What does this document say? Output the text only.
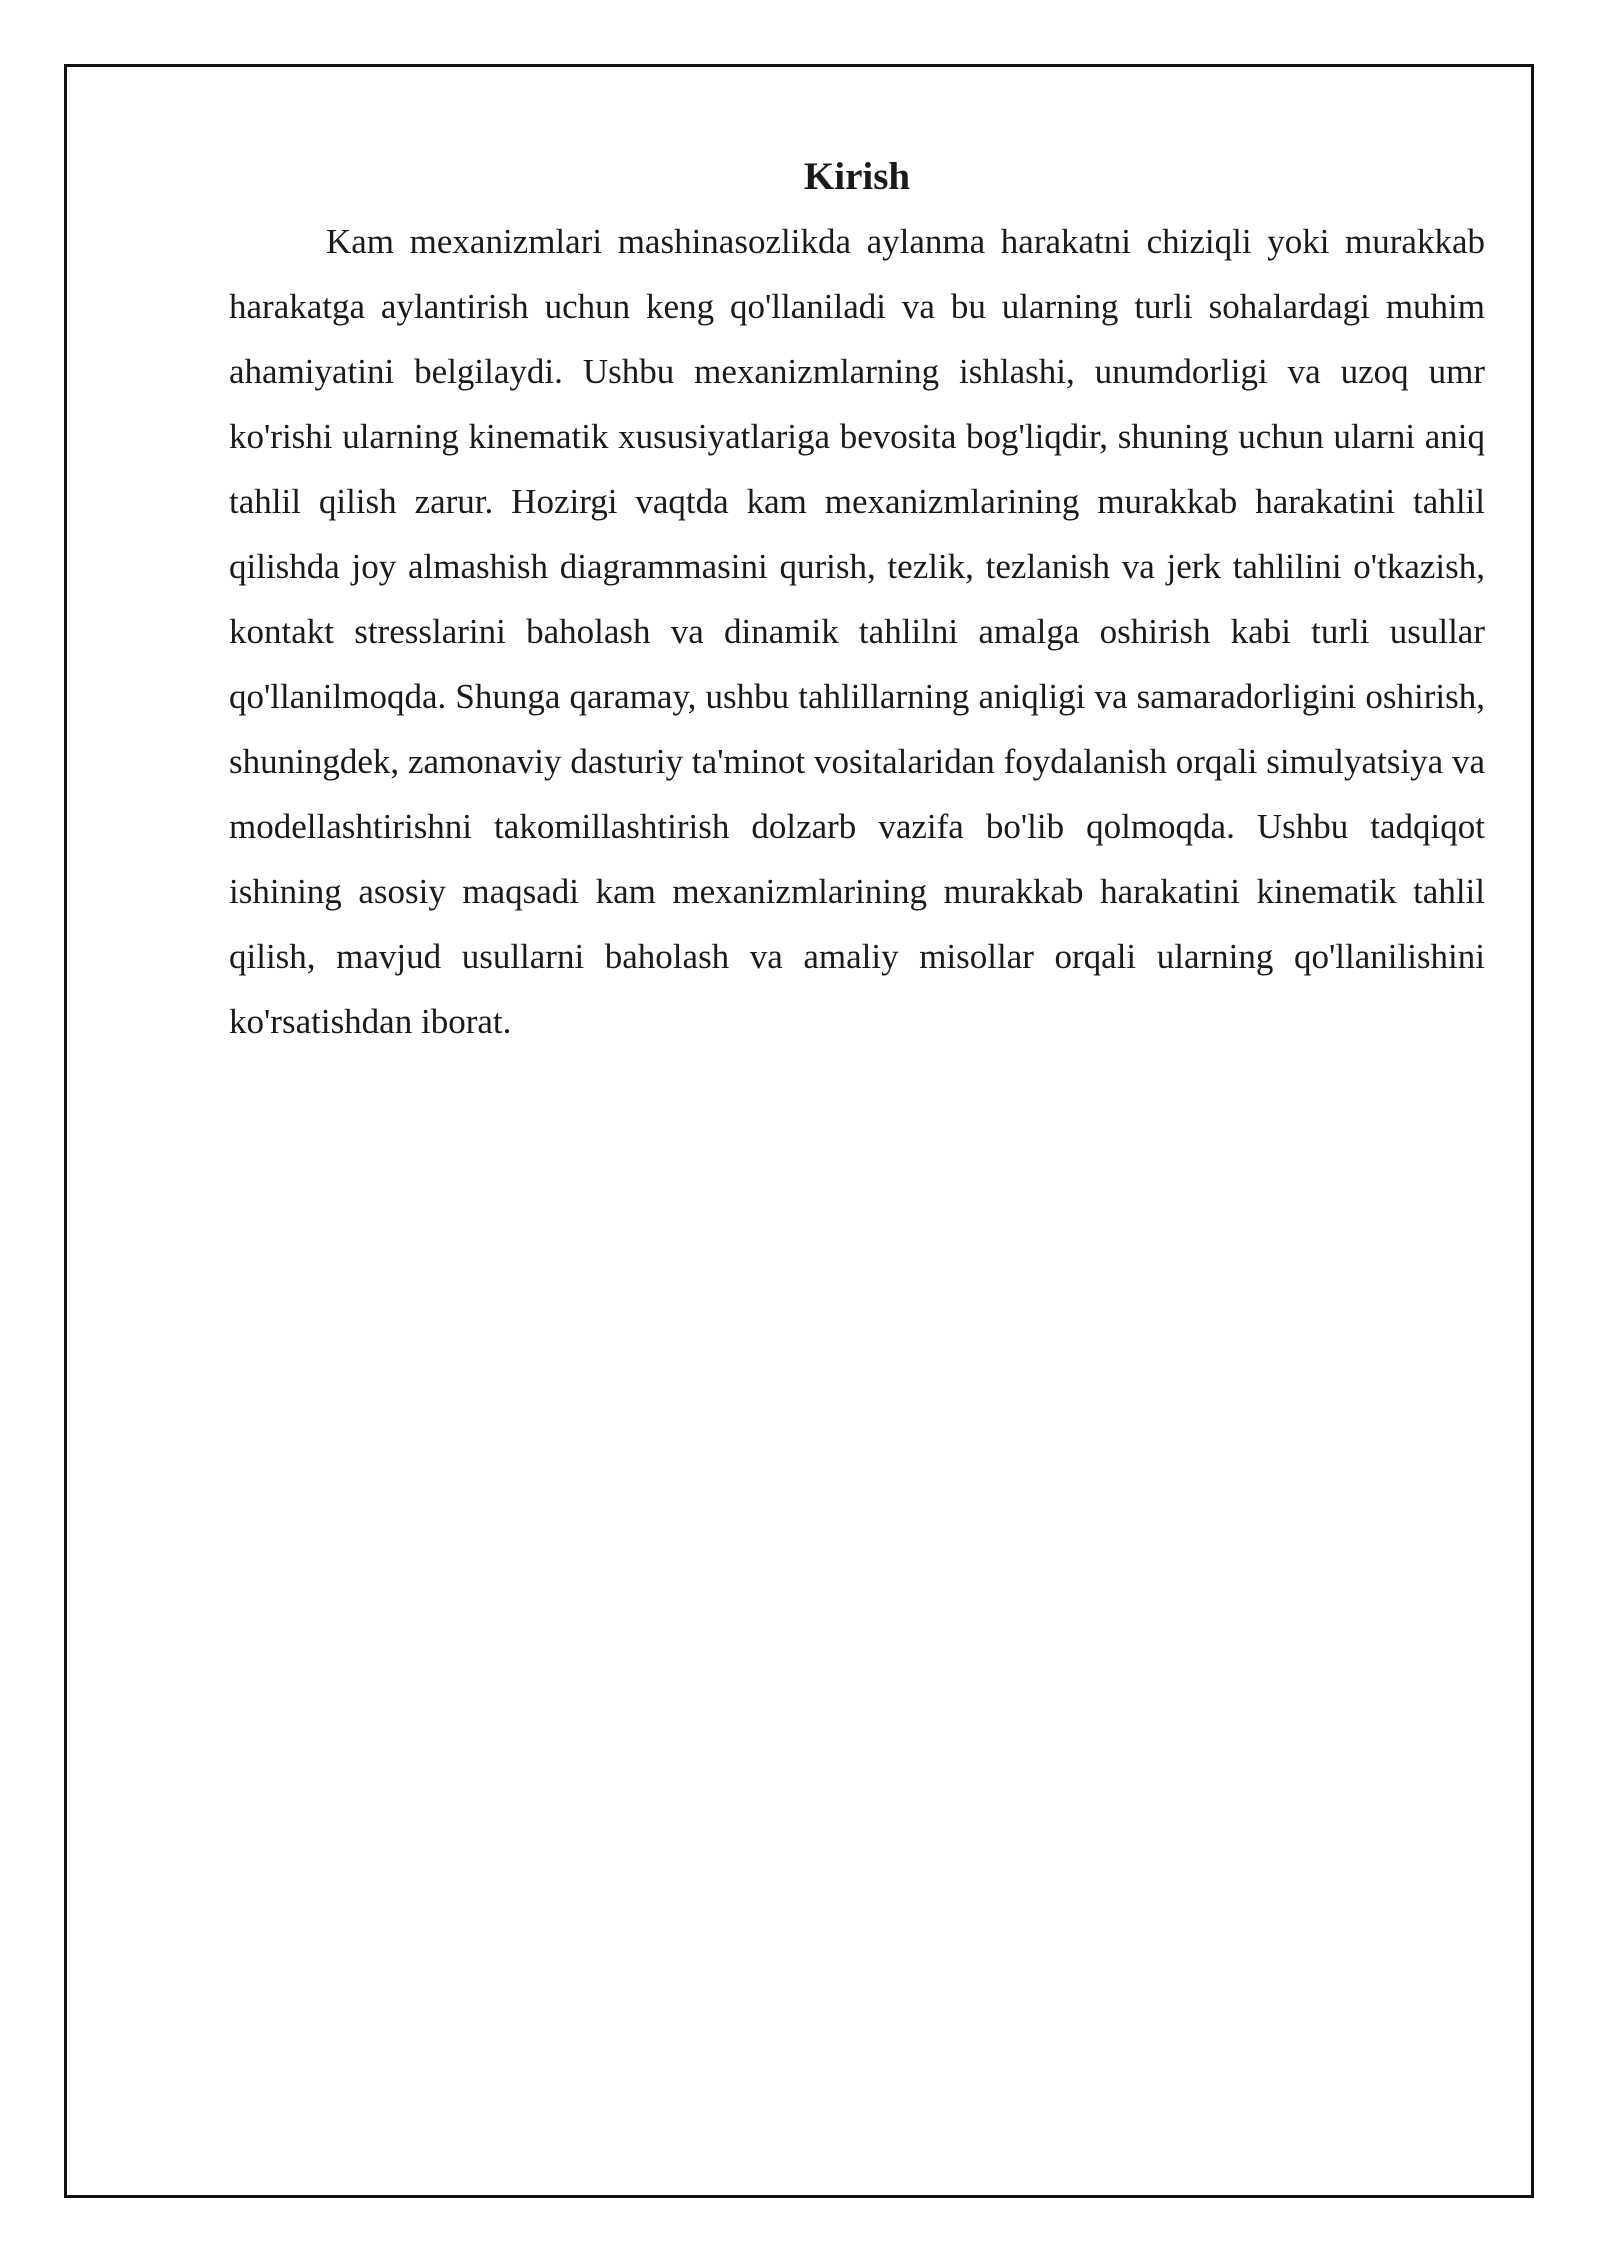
Kirish

Kam mexanizmlari mashinasozlikda aylanma harakatni chiziqli yoki murakkab harakatga aylantirish uchun keng qo'llaniladi va bu ularning turli sohalardagi muhim ahamiyatini belgilaydi. Ushbu mexanizmlarning ishlashi, unumdorligi va uzoq umr ko'rishi ularning kinematik xususiyatlariga bevosita bog'liqdir, shuning uchun ularni aniq tahlil qilish zarur. Hozirgi vaqtda kam mexanizmlarining murakkab harakatini tahlil qilishda joy almashish diagrammasini qurish, tezlik, tezlanish va jerk tahlilini o'tkazish, kontakt stresslarini baholash va dinamik tahlilni amalga oshirish kabi turli usullar qo'llanilmoqda. Shunga qaramay, ushbu tahlillarning aniqligi va samaradorligini oshirish, shuningdek, zamonaviy dasturiy ta'minot vositalaridan foydalanish orqali simulyatsiya va modellashtirishni takomillashtirish dolzarb vazifa bo'lib qolmoqda. Ushbu tadqiqot ishining asosiy maqsadi kam mexanizmlarining murakkab harakatini kinematik tahlil qilish, mavjud usullarni baholash va amaliy misollar orqali ularning qo'llanilishini ko'rsatishdan iborat.
